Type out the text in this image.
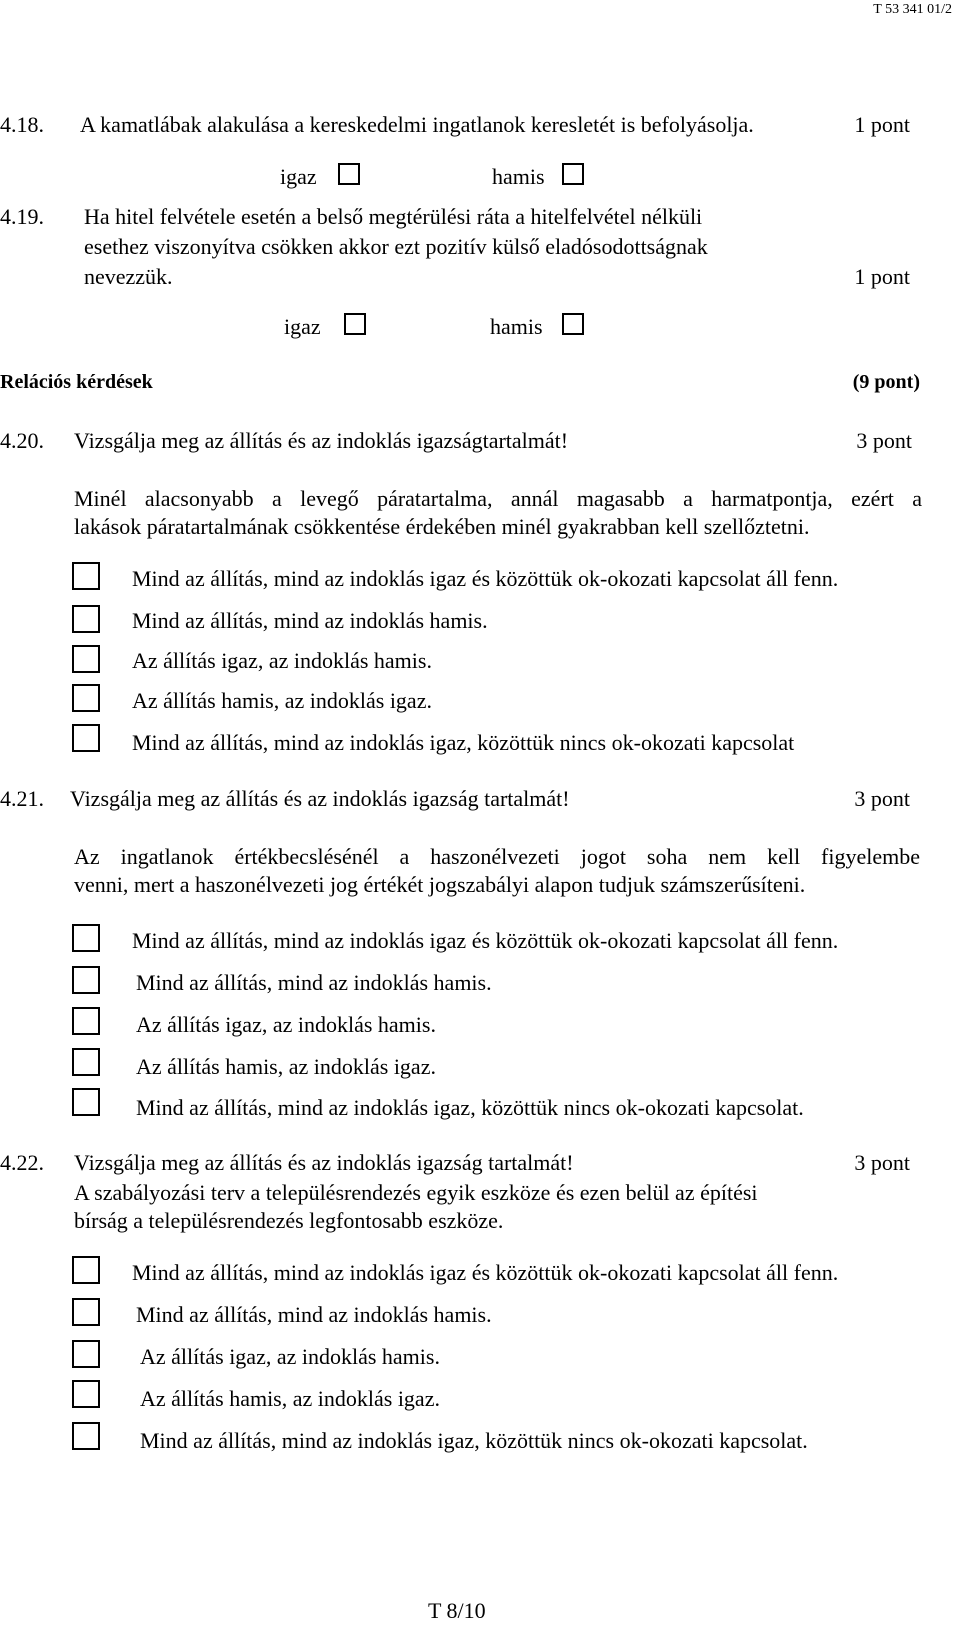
T 53 341 01/2
4.18. A kamatlábak alakulása a kereskedelmi ingatlanok keresletét is befolyásolja.	1 pont
igaz	hamis
4.19. Ha hitel felvétele esetén a belső megtérülési ráta a hitelfelvétel nélküli
esethez viszonyítva csökken akkor ezt pozitív külső eladósodottságnak
nevezzük.	1 pont
igaz	hamis
Relációs kérdések	(9 pont)
4.20. Vizsgálja meg az állítás és az indoklás igazságtartalmát!	3 pont
Minél alacsonyabb a levegő páratartalma, annál magasabb a harmatpontja, ezért a
lakások páratartalmának csökkentése érdekében minél gyakrabban kell szellőztetni.
Mind az állítás, mind az indoklás igaz és közöttük ok-okozati kapcsolat áll fenn.
Mind az állítás, mind az indoklás hamis.
Az állítás igaz, az indoklás hamis.
Az állítás hamis, az indoklás igaz.
Mind az állítás, mind az indoklás igaz, közöttük nincs ok-okozati kapcsolat
4.21. Vizsgálja meg az állítás és az indoklás igazság tartalmát!	3 pont
Az ingatlanok értékbecslésénél a haszonélvezeti jogot soha nem kell figyelembe
venni, mert a haszonélvezeti jog értékét jogszabályi alapon tudjuk számszerűsíteni.
Mind az állítás, mind az indoklás igaz és közöttük ok-okozati kapcsolat áll fenn.
Mind az állítás, mind az indoklás hamis.
Az állítás igaz, az indoklás hamis.
Az állítás hamis, az indoklás igaz.
Mind az állítás, mind az indoklás igaz, közöttük nincs ok-okozati kapcsolat.
4.22. Vizsgálja meg az állítás és az indoklás igazság tartalmát!	3 pont
A szabályozási terv a településrendezés egyik eszköze és ezen belül az építési
bírság a településrendezés legfontosabb eszköze.
Mind az állítás, mind az indoklás igaz és közöttük ok-okozati kapcsolat áll fenn.
Mind az állítás, mind az indoklás hamis.
Az állítás igaz, az indoklás hamis.
Az állítás hamis, az indoklás igaz.
Mind az állítás, mind az indoklás igaz, közöttük nincs ok-okozati kapcsolat.
T 8/10
